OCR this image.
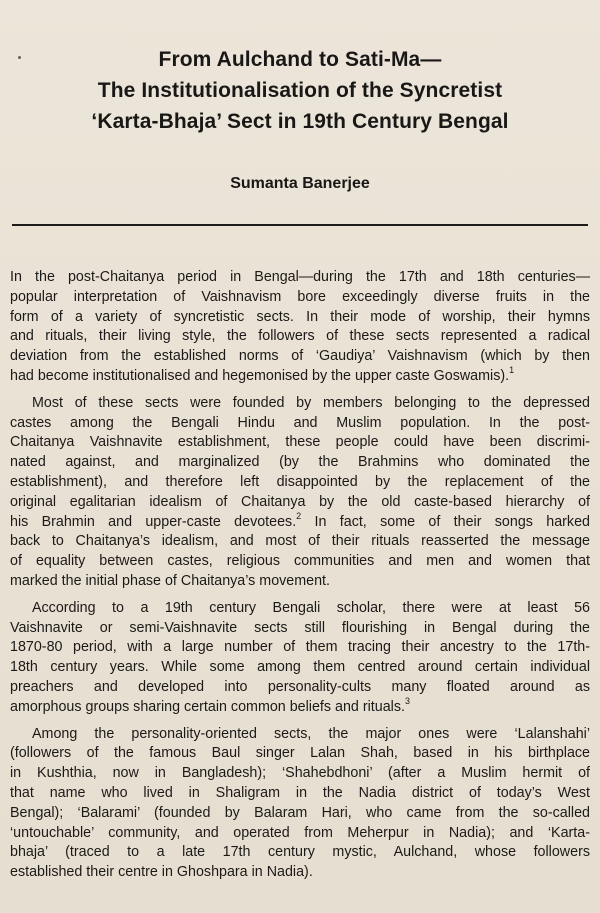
From Aulchand to Sati-Ma—
The Institutionalisation of the Syncretist
‘Karta-Bhaja’ Sect in 19th Century Bengal
Sumanta Banerjee

In the post-Chaitanya period in Bengal—during the 17th and 18th centuries—
popular interpretation of Vaishnavism bore exceedingly diverse fruits in the
form of a variety of syncretistic sects. In their mode of worship, their hymns
and rituals, their living style, the followers of these sects represented a radical
deviation from the established norms of ‘Gaudiya’ Vaishnavism (which by then
had become institutionalised and hegemonised by the upper caste Goswamis).$^1$

Most of these sects were founded by members belonging to the depressed
castes among the Bengali Hindu and Muslim population. In the post-
Chaitanya Vaishnavite establishment, these people could have been discrimi-
nated against, and marginalized (by the Brahmins who dominated the
establishment), and therefore left disappointed by the replacement of the
original egalitarian idealism of Chaitanya by the old caste-based hierarchy of
his Brahmin and upper-caste devotees.$^2$ In fact, some of their songs harked
back to Chaitanya’s idealism, and most of their rituals reasserted the message
of equality between castes, religious communities and men and women that
marked the initial phase of Chaitanya’s movement.

According to a 19th century Bengali scholar, there were at least 56
Vaishnavite or semi-Vaishnavite sects still flourishing in Bengal during the
1870-80 period, with a large number of them tracing their ancestry to the 17th-
18th century years. While some among them centred around certain individual
preachers and developed into personality-cults many floated around as
amorphous groups sharing certain common beliefs and rituals.$^3$

Among the personality-oriented sects, the major ones were ‘Lalanshahi’
(followers of the famous Baul singer Lalan Shah, based in his birthplace
in Kushthia, now in Bangladesh); ‘Shahebdhoni’ (after a Muslim hermit of
that name who lived in Shaligram in the Nadia district of today’s West
Bengal); ‘Balarami’ (founded by Balaram Hari, who came from the so-called
‘untouchable’ community, and operated from Meherpur in Nadia); and ‘Karta-
bhaja’ (traced to a late 17th century mystic, Aulchand, whose followers
established their centre in Ghoshpara in Nadia).
